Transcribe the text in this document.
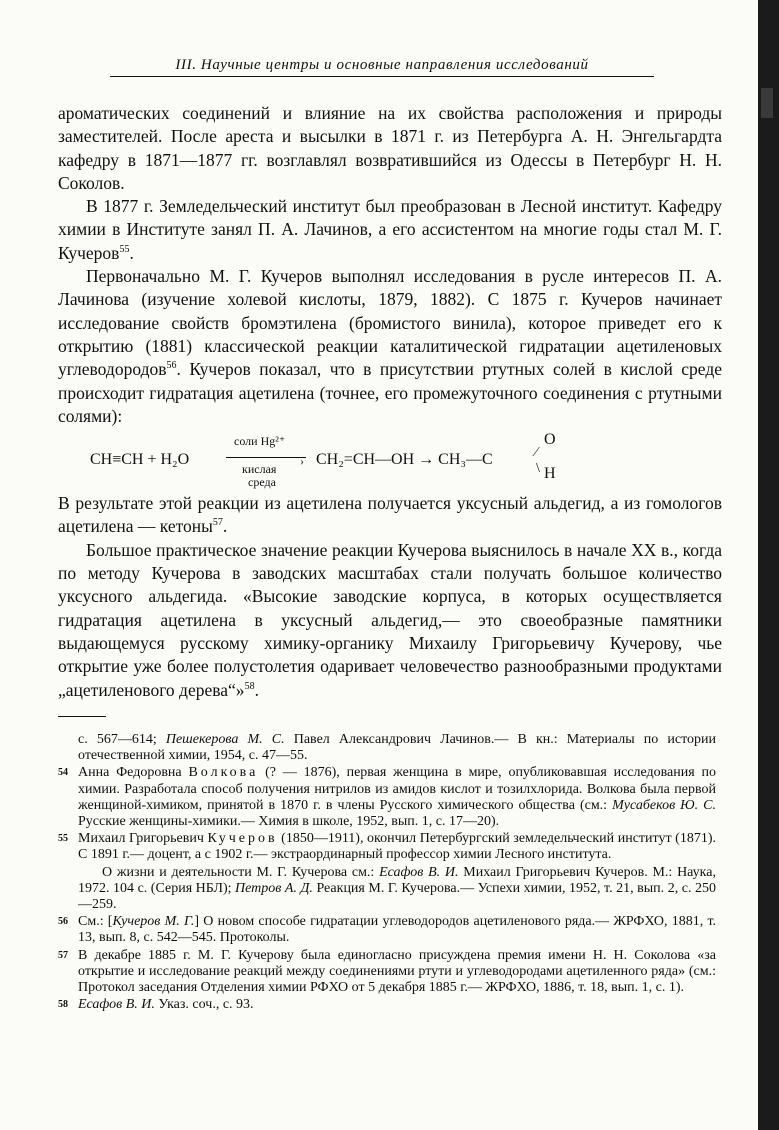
III. Научные центры и основные направления исследований

ароматических соединений и влияние на их свойства расположения и природы заместителей. После ареста и высылки в 1871 г. из Петербурга А. Н. Энгельгардта кафедру в 1871—1877 гг. возглавлял возвратившийся из Одессы в Петербург Н. Н. Соколов.

В 1877 г. Земледельческий институт был преобразован в Лесной институт. Кафедру химии в Институте занял П. А. Лачинов, а его ассистентом на многие годы стал М. Г. Кучеров$^{55}$.

Первоначально М. Г. Кучеров выполнял исследования в русле интересов П. А. Лачинова (изучение холевой кислоты, 1879, 1882). С 1875 г. Кучеров начинает исследование свойств бромэтилена (бромистого винила), которое приведет его к открытию (1881) классической реакции каталитической гидратации ацетиленовых углеводородов$^{56}$. Кучеров показал, что в присутствии ртутных солей в кислой среде происходит гидратация ацетилена (точнее, его промежуточного соединения с ртутными солями):

CH≡CH + H₂O
соли Hg²⁺
›
кислая
среда
CH₂=CH—OH → CH₃—C	⁄
O
\ H

В результате этой реакции из ацетилена получается уксусный альдегид, а из гомологов ацетилена — кетоны$^{57}$.

Большое практическое значение реакции Кучерова выяснилось в начале XX в., когда по методу Кучерова в заводских масштабах стали получать большое количество уксусного альдегида. «Высокие заводские корпуса, в которых осуществляется гидратация ацетилена в уксусный альдегид,— это своеобразные памятники выдающемуся русскому химику-органику Михаилу Григорьевичу Кучерову, чье открытие уже более полустолетия одаривает человечество разнообразными продуктами „ацетиленового дерева“»$^{58}$.

с. 567—614; Пешекерова М. С. Павел Александрович Лачинов.— В кн.: Материалы по истории отечественной химии, 1954, с. 47—55.
54 Анна Федоровна Волкова (? — 1876), первая женщина в мире, опубликовавшая исследования по химии. Разработала способ получения нитрилов из амидов кислот и тозилхлорида. Волкова была первой женщиной-химиком, принятой в 1870 г. в члены Русского химического общества (см.: Мусабеков Ю. С. Русские женщины-химики.— Химия в школе, 1952, вып. 1, с. 17—20).
55 Михаил Григорьевич Кучеров (1850—1911), окончил Петербургский земледельческий институт (1871). С 1891 г.— доцент, а с 1902 г.— экстраординарный профессор химии Лесного института.
О жизни и деятельности М. Г. Кучерова см.: Есафов В. И. Михаил Григорьевич Кучеров. М.: Наука, 1972. 104 с. (Серия НБЛ); Петров А. Д. Реакция М. Г. Кучерова.— Успехи химии, 1952, т. 21, вып. 2, с. 250—259.
56 См.: [Кучеров М. Г.] О новом способе гидратации углеводородов ацетиленового ряда.— ЖРФХО, 1881, т. 13, вып. 8, с. 542—545. Протоколы.
57 В декабре 1885 г. М. Г. Кучерову была единогласно присуждена премия имени Н. Н. Соколова «за открытие и исследование реакций между соединениями ртути и углеводородами ацетиленного ряда» (см.: Протокол заседания Отделения химии РФХО от 5 декабря 1885 г.— ЖРФХО, 1886, т. 18, вып. 1, с. 1).
58 Есафов В. И. Указ. соч., с. 93.
